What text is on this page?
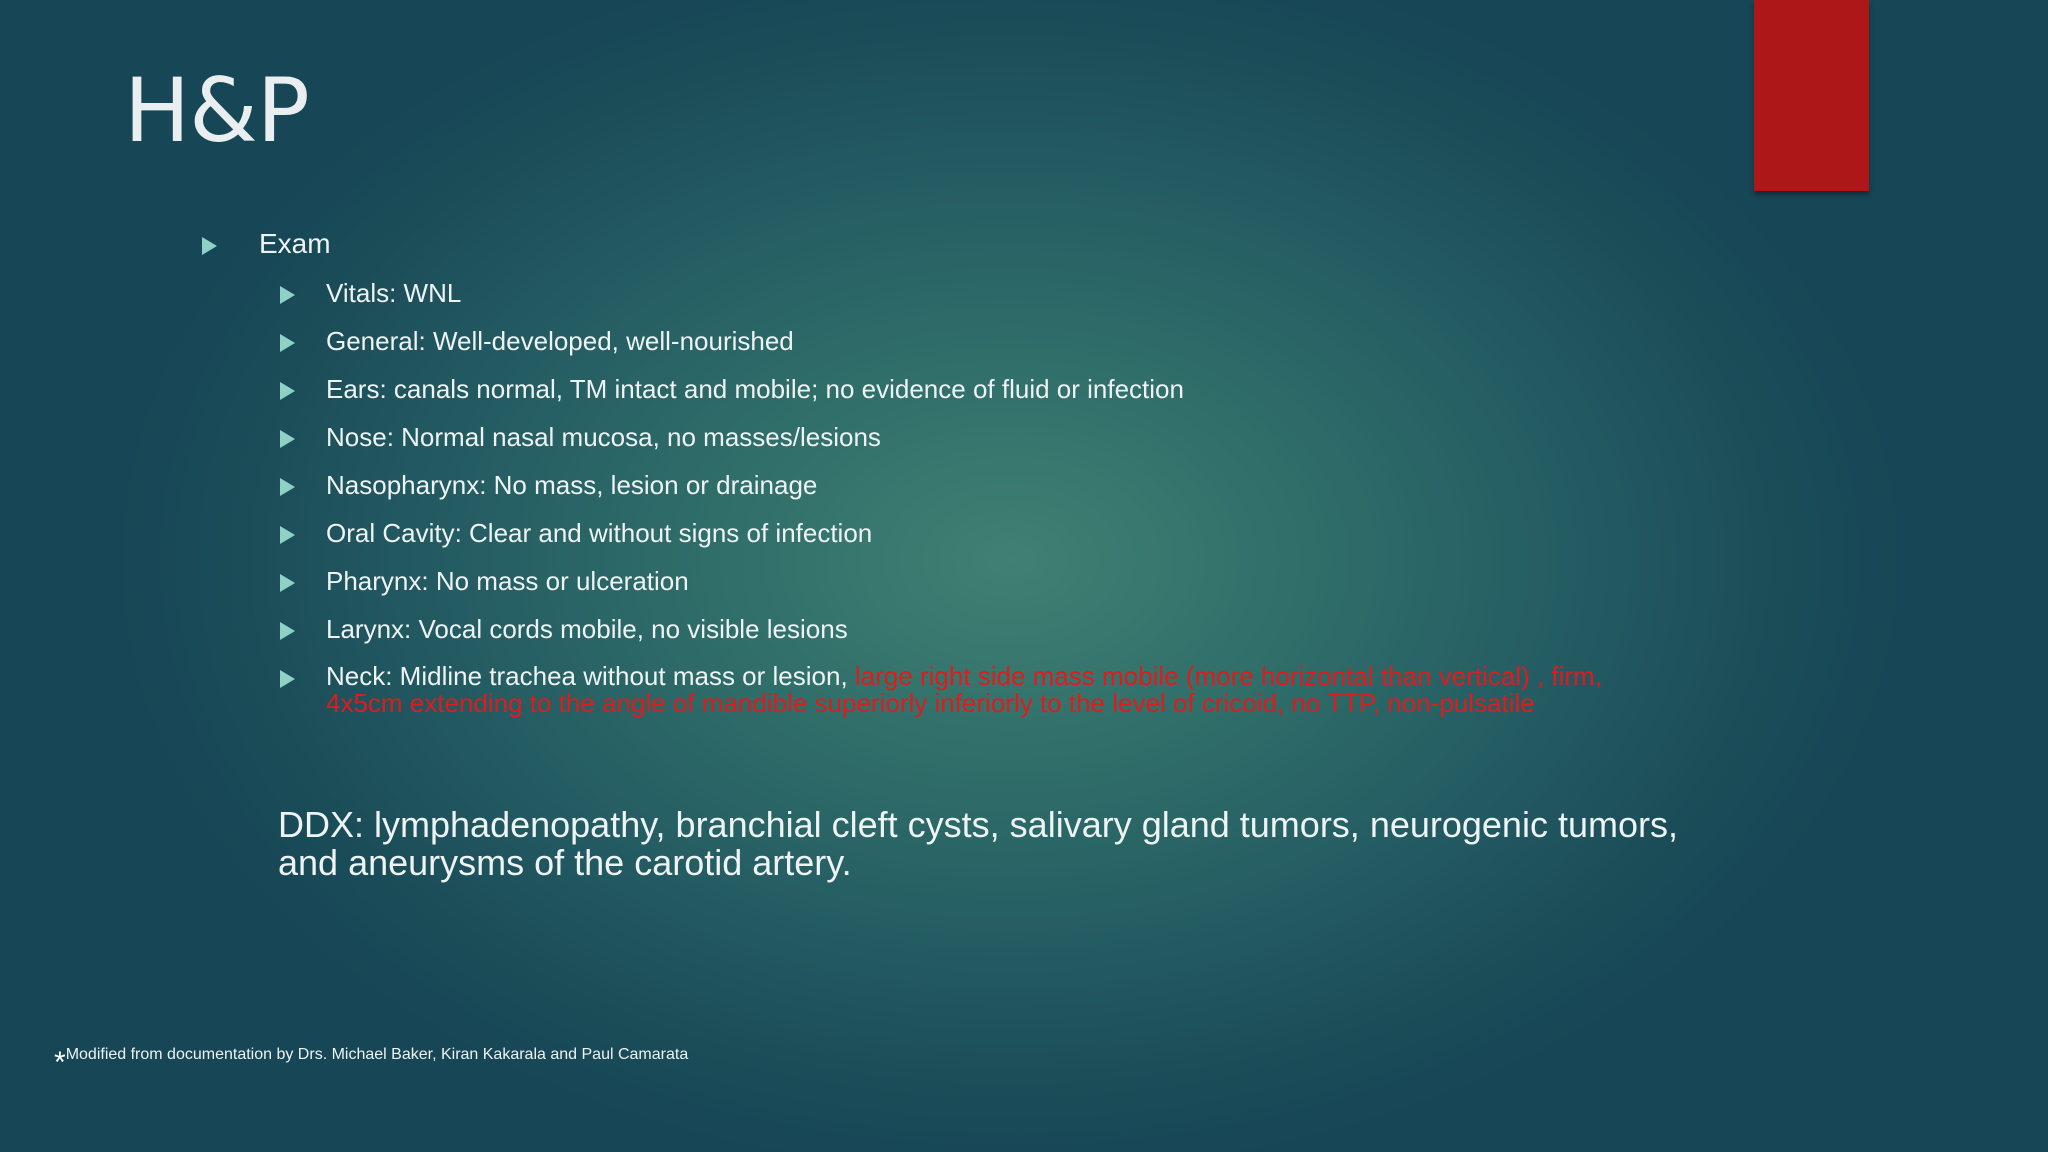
H&P
Exam
Vitals: WNL
General: Well-developed, well-nourished
Ears: canals normal, TM intact and mobile; no evidence of fluid or infection
Nose: Normal nasal mucosa, no masses/lesions
Nasopharynx: No mass, lesion or drainage
Oral Cavity: Clear and without signs of infection
Pharynx: No mass or ulceration
Larynx: Vocal cords mobile, no visible lesions
Neck: Midline trachea without mass or lesion, large right side mass mobile (more horizontal than vertical) , firm, 4x5cm extending to the angle of mandible superiorly inferiorly to the level of cricoid, no TTP, non-pulsatile

DDX: lymphadenopathy, branchial cleft cysts, salivary gland tumors, neurogenic tumors, and aneurysms of the carotid artery.

*Modified from documentation by Drs. Michael Baker, Kiran Kakarala and Paul Camarata
